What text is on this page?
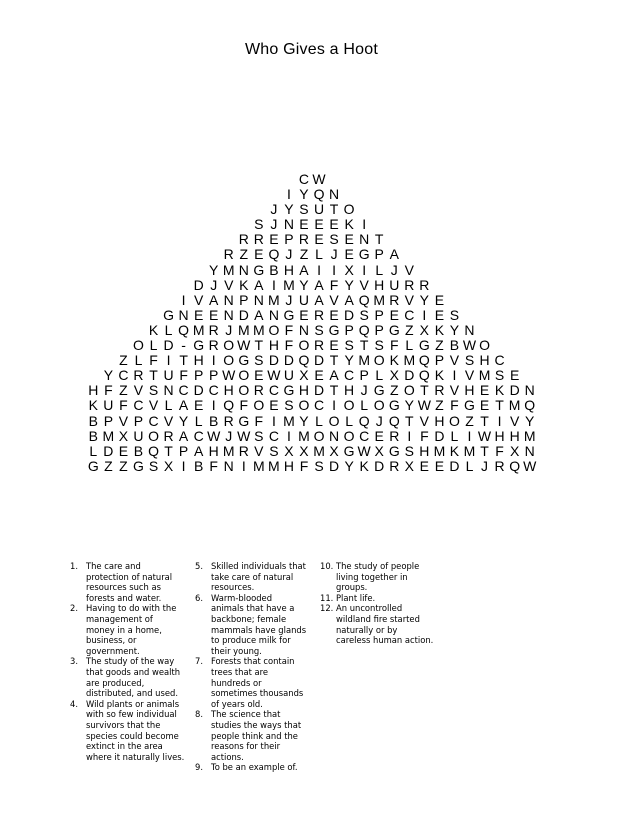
Who Gives a Hoot
C W
I Y Q N
J Y S U T O
S J N E E E K I
R R E P R E S E N T
R Z E Q J Z L J E G P A
Y M N G B H A I I X I L J V
D J V K A I M Y A F Y V H U R R
I V A N P N M J U A V A Q M R V Y E
G N E E N D A N G E R E D S P E C I E S
K L Q M R J M M O F N S G P Q P G Z X K Y N
O L D - G R O W T H F O R E S T S F L G Z B W O
Z L F I T H I O G S D D Q D T Y M O K M Q P V S H C
Y C R T U F P P W O E W U X E A C P L X D Q K I V M S E
H F Z V S N C D C H O R C G H D T H J G Z O T R V H E K D N
K U F C V L A E I Q F O E S O C I O L O G Y W Z F G E T M Q
B P V P C V Y L B R G F I M Y L O L Q J Q T V H O Z T I V Y
B M X U O R A C W J W S C I M O N O C E R I F D L I W H H M
L D E B Q T P A H M R V S X X M X G W X G S H M K M T F X N
G Z Z G S X I B F N I M M H F S D Y K D R X E E D L J R Q W
1. The care and
protection of natural
resources such as
forests and water.
2. Having to do with the
management of
money in a home,
business, or
government.
3. The study of the way
that goods and wealth
are produced,
distributed, and used.
4. Wild plants or animals
with so few individual
survivors that the
species could become
extinct in the area
where it naturally lives.
5. Skilled individuals that
take care of natural
resources.
6. Warm-blooded
animals that have a
backbone; female
mammals have glands
to produce milk for
their young.
7. Forests that contain
trees that are
hundreds or
sometimes thousands
of years old.
8. The science that
studies the ways that
people think and the
reasons for their
actions.
9. To be an example of.
10. The study of people
living together in
groups.
11. Plant life.
12. An uncontrolled
wildland fire started
naturally or by
careless human action.
